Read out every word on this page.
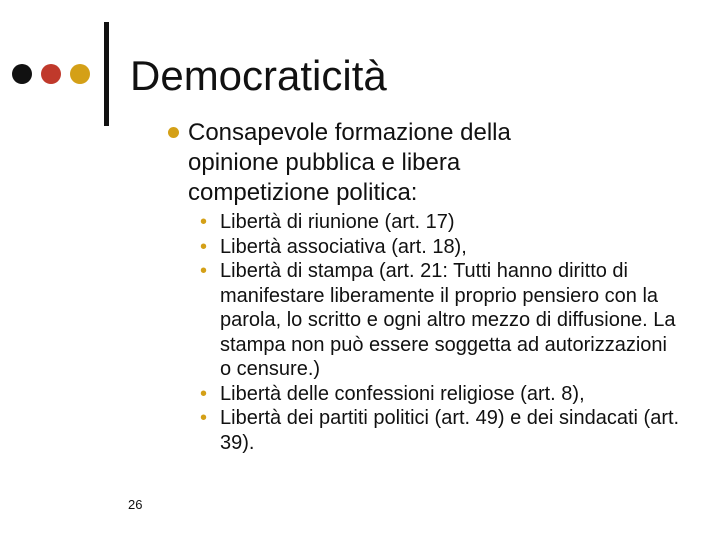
Democraticità
Consapevole formazione della opinione pubblica e libera competizione politica:
• Libertà di riunione (art. 17)
• Libertà associativa (art. 18),
• Libertà di stampa (art. 21: Tutti hanno diritto di manifestare liberamente il proprio pensiero con la parola, lo scritto e ogni altro mezzo di diffusione. La stampa non può essere soggetta ad autorizzazioni o censure.)
• Libertà delle confessioni religiose (art. 8),
• Libertà dei partiti politici (art. 49) e dei sindacati (art. 39).
26
